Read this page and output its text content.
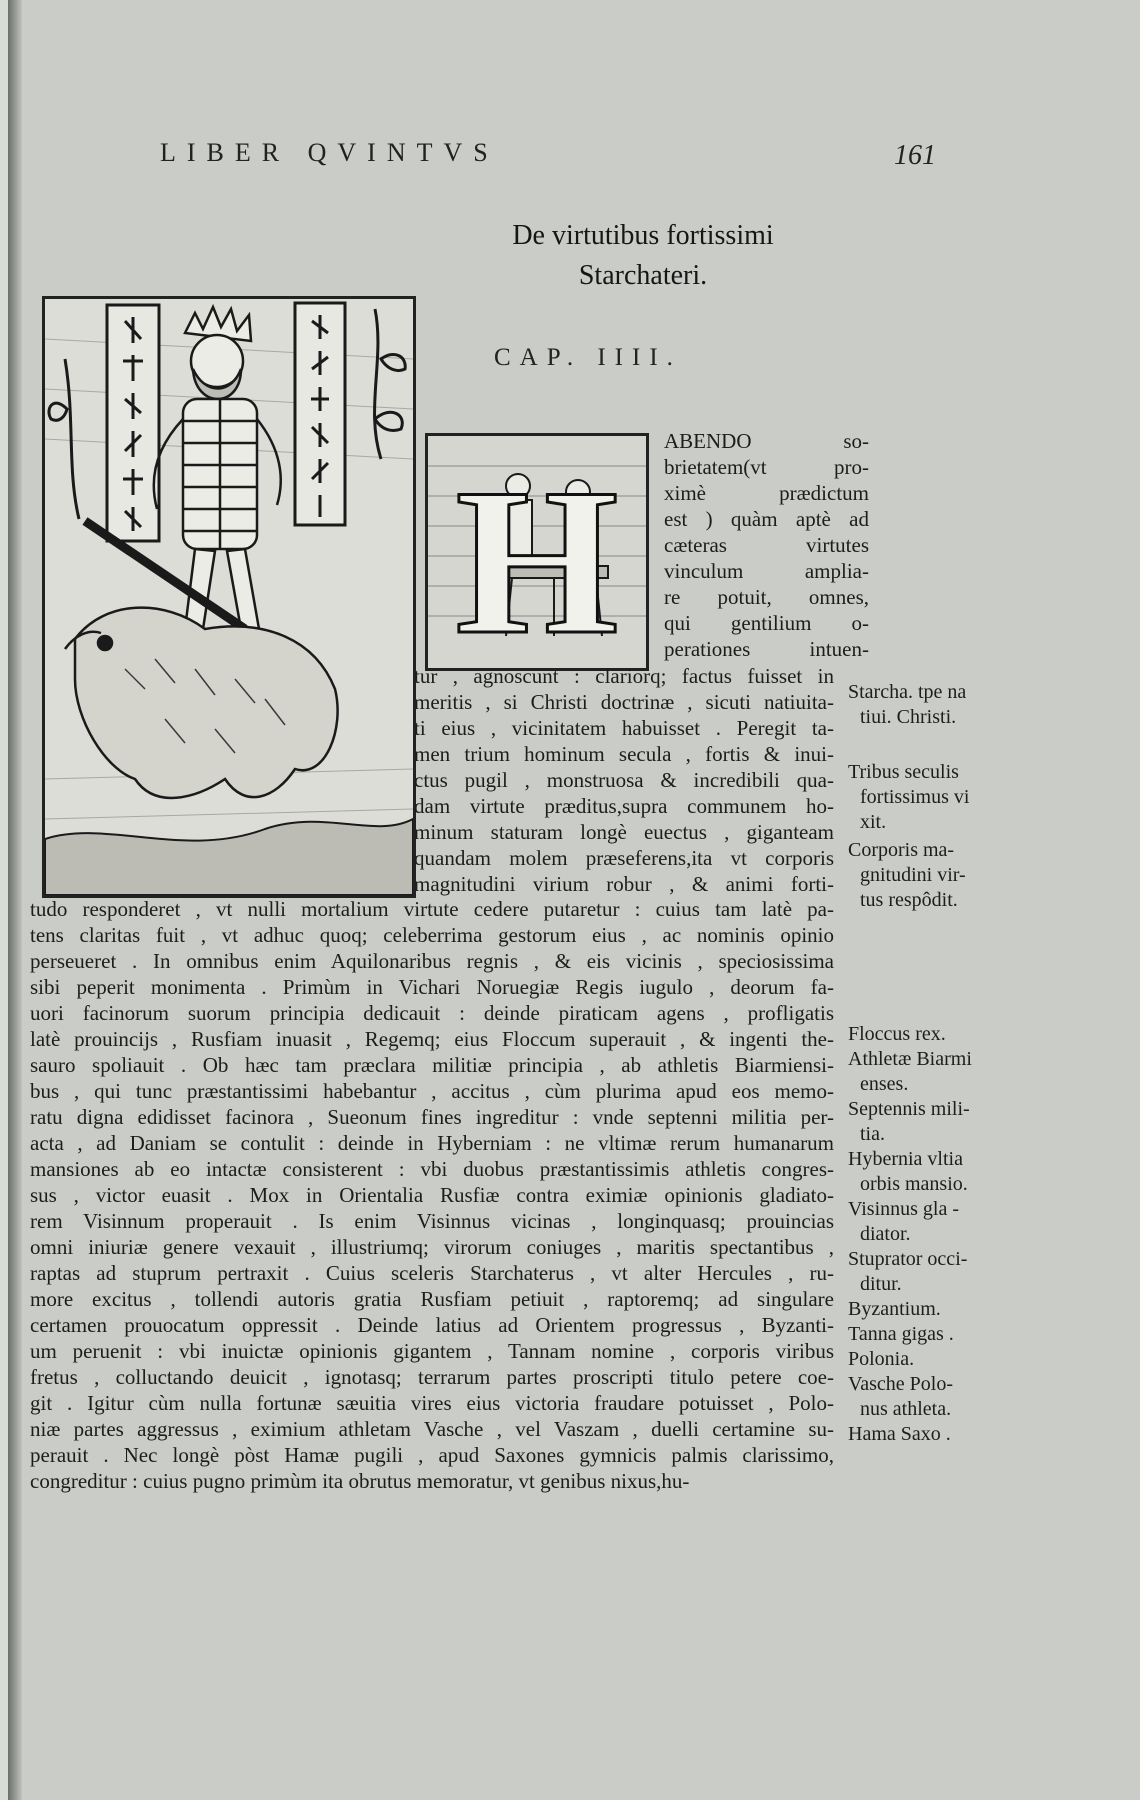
LIBER QVINTVS	161
De virtutibus fortissimi
Starchateri.
CAP. IIII.
H
ABENDO so-
brietatem(vt pro-
ximè prædictum
est ) quàm aptè ad
cæteras virtutes
vinculum amplia-
re potuit, omnes,
qui gentilium o-
perationes intuen-
tur , agnoscunt : clariorq; factus fuisset in
meritis , si Christi doctrinæ , sicuti natiuita-
ti eius , vicinitatem habuisset . Peregit ta-
men trium hominum secula , fortis & inui-
ctus pugil , monstruosa & incredibili qua-
dam virtute præditus,supra communem ho-
minum staturam longè euectus , giganteam
quandam molem præseferens,ita vt corporis
magnitudini virium robur , & animi forti-
tudo responderet , vt nulli mortalium virtute cedere putaretur : cuius tam latè pa-
tens claritas fuit , vt adhuc quoq; celeberrima gestorum eius , ac nominis opinio
perseueret . In omnibus enim Aquilonaribus regnis , & eis vicinis , speciosissima
sibi peperit monimenta . Primùm in Vichari Noruegiæ Regis iugulo , deorum fa-
uori facinorum suorum principia dedicauit : deinde piraticam agens , profligatis
latè prouincijs , Rusfiam inuasit , Regemq; eius Floccum superauit , & ingenti the-
sauro spoliauit . Ob hæc tam præclara militiæ principia , ab athletis Biarmiensi-
bus , qui tunc præstantissimi habebantur , accitus , cùm plurima apud eos memo-
ratu digna edidisset facinora , Sueonum fines ingreditur : vnde septenni militia per-
acta , ad Daniam se contulit : deinde in Hyberniam : ne vltimæ rerum humanarum
mansiones ab eo intactæ consisterent : vbi duobus præstantissimis athletis congres-
sus , victor euasit . Mox in Orientalia Rusfiæ contra eximiæ opinionis gladiato-
rem Visinnum properauit . Is enim Visinnus vicinas , longinquasq; prouincias
omni iniuriæ genere vexauit , illustriumq; virorum coniuges , maritis spectantibus ,
raptas ad stuprum pertraxit . Cuius sceleris Starchaterus , vt alter Hercules , ru-
more excitus , tollendi autoris gratia Rusfiam petiuit , raptoremq; ad singulare
certamen prouocatum oppressit . Deinde latius ad Orientem progressus , Byzanti-
um peruenit : vbi inuictæ opinionis gigantem , Tannam nomine , corporis viribus
fretus , colluctando deuicit , ignotasq; terrarum partes proscripti titulo petere coe-
git . Igitur cùm nulla fortunæ sæuitia vires eius victoria fraudare potuisset , Polo-
niæ partes aggressus , eximium athletam Vasche , vel Vaszam , duelli certamine su-
perauit . Nec longè pòst Hamæ pugili , apud Saxones gymnicis palmis clarissimo,
congreditur : cuius pugno primùm ita obrutus memoratur, vt genibus nixus,hu-
Starcha. tpe na
tiui. Christi.
Tribus seculis
fortissimus vi
xit.
Corporis ma-
gnitudini vir-
tus respôdit.
Floccus rex.
Athletæ Biarmi
enses.
Septennis mili-
tia.
Hybernia vltia
orbis mansio.
Visinnus gla -
diator.
Stuprator occi-
ditur.
Byzantium.
Tanna gigas .
Polonia.
Vasche Polo-
nus athleta.
Hama Saxo .
